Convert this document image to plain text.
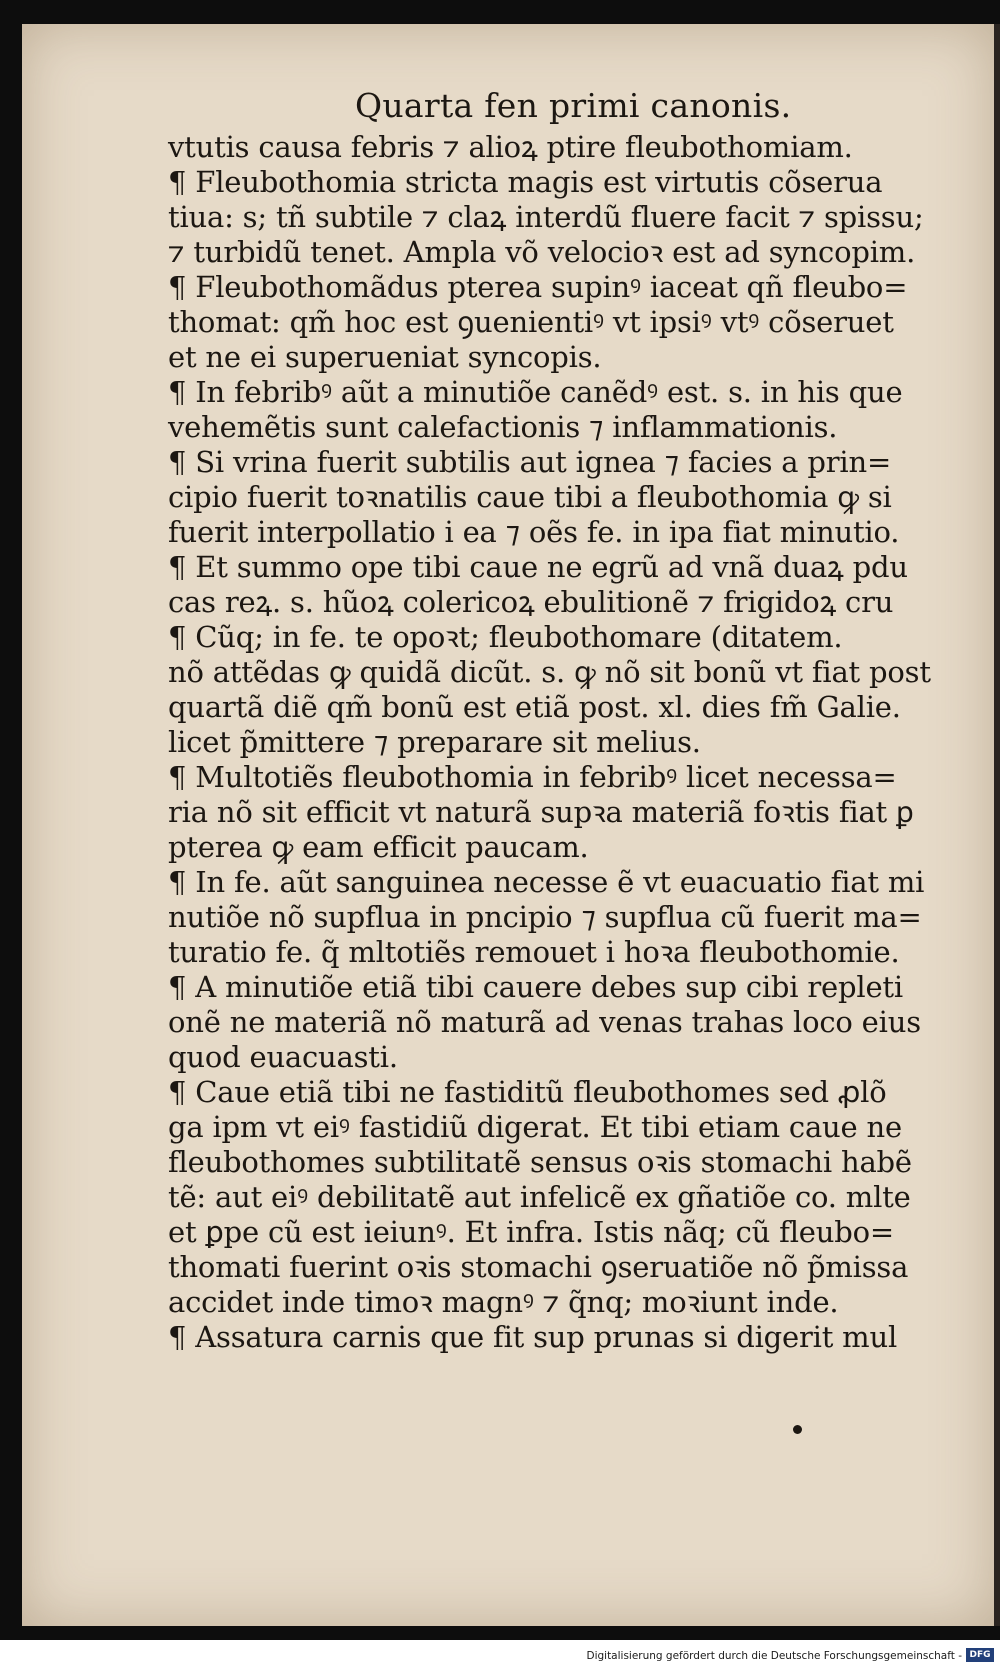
Quarta fen primi canonis.
vtutis causa febris ⁊ alioꝝ ptire fleubothomiam.
¶ Fleubothomia stricta magis est virtutis cõserua
tiua: s; tñ subtile ⁊ claꝝ interdũ fluere facit ⁊ spissu;
⁊ turbidũ tenet. Ampla võ velocioꝛ est ad syncopim.
¶ Fleubothomãdus pterea supinꝰ iaceat qñ fleubo=
thomat: qm̃ hoc est ꝯuenientiꝰ vt ipsiꝰ vtꝰ cõseruet
et ne ei superueniat syncopis.
¶ In febribꝰ aũt a minutiõe canẽdꝰ est. s. in his que
vehemẽtis sunt calefactionis ⁊ inflammationis.
¶ Si vrina fuerit subtilis aut ignea ⁊ facies a prin=
cipio fuerit toꝛnatilis caue tibi a fleubothomia ꝙ si
fuerit interpollatio i ea ⁊ oẽs fe. in ipa fiat minutio.
¶ Et summo ope tibi caue ne egrũ ad vnã duaꝝ pdu
cas reꝝ. s. hũoꝝ colericoꝝ ebulitionẽ ⁊ frigidoꝝ cru
¶ Cũq; in fe. te opoꝛt; fleubothomare (ditatem.
nõ attẽdas ꝙ quidã dicũt. s. ꝙ nõ sit bonũ vt fiat post
quartã diẽ qm̃ bonũ est etiã post. xl. dies fm̃ Galie.
licet p̃mittere ⁊ preparare sit melius.
¶ Multotiẽs fleubothomia in febribꝰ licet necessa=
ria nõ sit efficit vt naturã supꝛa materiã foꝛtis fiat ꝑ
pterea ꝙ eam efficit paucam.
¶ In fe. aũt sanguinea necesse ẽ vt euacuatio fiat mi
nutiõe nõ supflua in pncipio ⁊ supflua cũ fuerit ma=
turatio fe. q̃ mltotiẽs remouet i hoꝛa fleubothomie.
¶ A minutiõe etiã tibi cauere debes sup cibi repleti
onẽ ne materiã nõ maturã ad venas trahas loco eius
quod euacuasti.
¶ Caue etiã tibi ne fastiditũ fleubothomes sed ꝓlõ
ga ipm vt eiꝰ fastidiũ digerat. Et tibi etiam caue ne
fleubothomes subtilitatẽ sensus oꝛis stomachi habẽ
tẽ: aut eiꝰ debilitatẽ aut infelicẽ ex gñatiõe co. mlte
et ꝑpe cũ est ieiunꝰ. Et infra. Istis nãq; cũ fleubo=
thomati fuerint oꝛis stomachi ꝯseruatiõe nõ p̃missa
accidet inde timoꝛ magnꝰ ⁊ q̃nq; moꝛiunt inde.
¶ Assatura carnis que fit sup prunas si digerit mul
Digitalisierung gefördert durch die Deutsche Forschungsgemeinschaft - DFG
